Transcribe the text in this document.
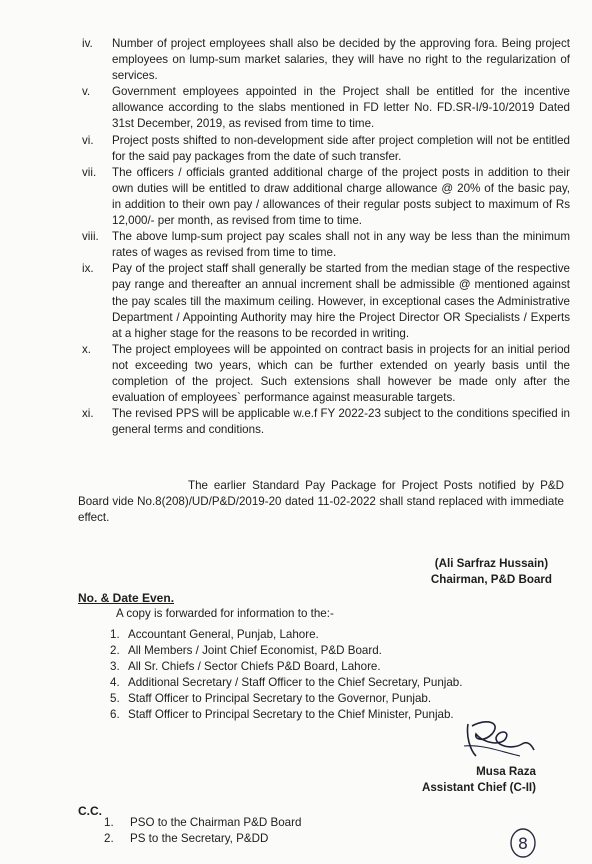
iv.	Number of project employees shall also be decided by the approving fora. Being project employees on lump-sum market salaries, they will have no right to the regularization of services.
v.	Government employees appointed in the Project shall be entitled for the incentive allowance according to the slabs mentioned in FD letter No. FD.SR-I/9-10/2019 Dated 31st December, 2019, as revised from time to time.
vi.	Project posts shifted to non-development side after project completion will not be entitled for the said pay packages from the date of such transfer.
vii.	The officers / officials granted additional charge of the project posts in addition to their own duties will be entitled to draw additional charge allowance @ 20% of the basic pay, in addition to their own pay / allowances of their regular posts subject to maximum of Rs 12,000/- per month, as revised from time to time.
viii.	The above lump-sum project pay scales shall not in any way be less than the minimum rates of wages as revised from time to time.
ix.	Pay of the project staff shall generally be started from the median stage of the respective pay range and thereafter an annual increment shall be admissible @ mentioned against the pay scales till the maximum ceiling. However, in exceptional cases the Administrative Department / Appointing Authority may hire the Project Director OR Specialists / Experts at a higher stage for the reasons to be recorded in writing.
x.	The project employees will be appointed on contract basis in projects for an initial period not exceeding two years, which can be further extended on yearly basis until the completion of the project. Such extensions shall however be made only after the evaluation of employees` performance against measurable targets.
xi.	The revised PPS will be applicable w.e.f FY 2022-23 subject to the conditions specified in general terms and conditions.
The earlier Standard Pay Package for Project Posts notified by P&D Board vide No.8(208)/UD/P&D/2019-20 dated 11-02-2022 shall stand replaced with immediate effect.
(Ali Sarfraz Hussain)
Chairman, P&D Board
No. & Date Even.
A copy is forwarded for information to the:-
1. Accountant General, Punjab, Lahore.
2. All Members / Joint Chief Economist, P&D Board.
3. All Sr. Chiefs / Sector Chiefs P&D Board, Lahore.
4. Additional Secretary / Staff Officer to the Chief Secretary, Punjab.
5. Staff Officer to Principal Secretary to the Governor, Punjab.
6. Staff Officer to Principal Secretary to the Chief Minister, Punjab.
Musa Raza
Assistant Chief (C-II)
C.C.
1.	PSO to the Chairman P&D Board
2.	PS to the Secretary, P&DD	8
